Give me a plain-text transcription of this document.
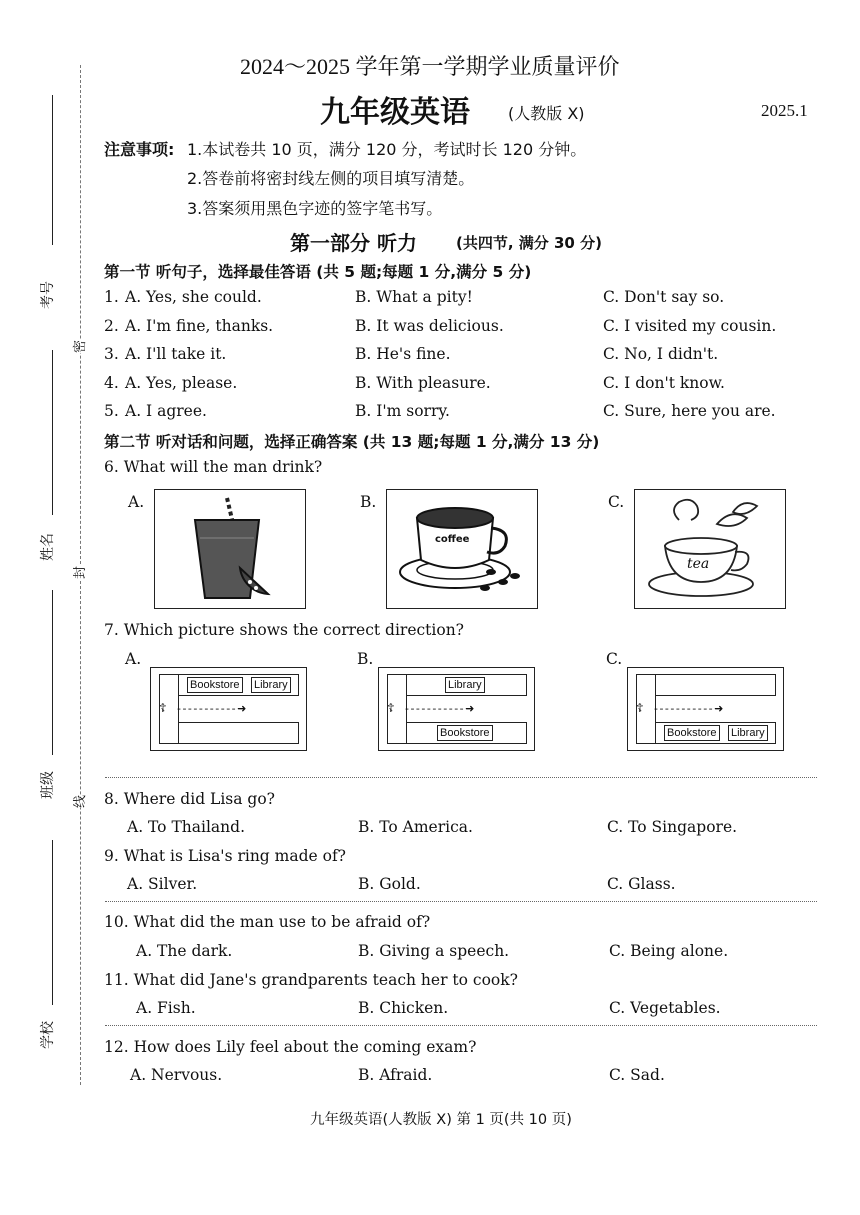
考号
姓名
班级
学校
密
封
线
2024～2025 学年第一学期学业质量评价
九年级英语 (人教版 X)	2025.1
注意事项: 1.本试卷共 10 页，满分 120 分，考试时长 120 分钟。
2.答卷前将密封线左侧的项目填写清楚。
3.答案须用黑色字迹的签字笔书写。
第一部分 听力	(共四节, 满分 30 分)
第一节 听句子，选择最佳答语 (共 5 题;每题 1 分,满分 5 分)
1. A. Yes, she could.	B. What a pity!	C. Don't say so.
2. A. I'm fine, thanks.	B. It was delicious.	C. I visited my cousin.
3. A. I'll take it.	B. He's fine.	C. No, I didn't.
4. A. Yes, please.	B. With pleasure.	C. I don't know.
5. A. I agree.	B. I'm sorry.	C. Sure, here you are.
第二节 听对话和问题，选择正确答案 (共 13 题;每题 1 分,满分 13 分)
6. What will the man drink?
A.	B.
coffee
C.
tea
7. Which picture shows the correct direction?
A.
Bookstore Library
☦ - - - - - - - - - - - ➜
B.
Library
Bookstore
☦ - - - - - - - - - - - ➜
C.
Bookstore Library
☦ - - - - - - - - - - - ➜
8. Where did Lisa go?
A. To Thailand.	B. To America.	C. To Singapore.
9. What is Lisa's ring made of?
A. Silver.	B. Gold.	C. Glass.
10. What did the man use to be afraid of?
A. The dark.	B. Giving a speech.	C. Being alone.
11. What did Jane's grandparents teach her to cook?
A. Fish.	B. Chicken.	C. Vegetables.
12. How does Lily feel about the coming exam?
A. Nervous.	B. Afraid.	C. Sad.
九年级英语(人教版 X) 第 1 页(共 10 页)
